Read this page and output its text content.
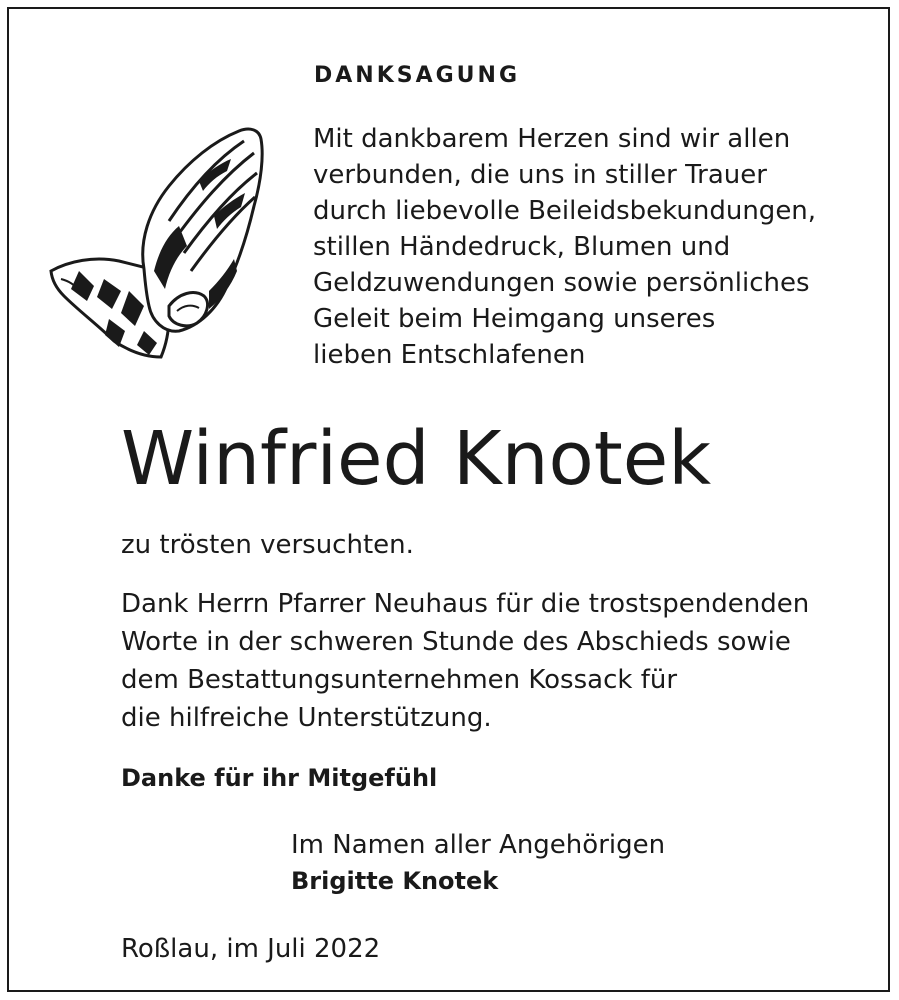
DANKSAGUNG

Mit dankbarem Herzen sind wir allen
verbunden, die uns in stiller Trauer
durch liebevolle Beileidsbekundungen,
stillen Händedruck, Blumen und
Geldzuwendungen sowie persönliches
Geleit beim Heimgang unseres
lieben Entschlafenen

Winfried Knotek

zu trösten versuchten.

Dank Herrn Pfarrer Neuhaus für die trostspendenden
Worte in der schweren Stunde des Abschieds sowie
dem Bestattungsunternehmen Kossack für
die hilfreiche Unterstützung.

Danke für ihr Mitgefühl

Im Namen aller Angehörigen

Brigitte Knotek

Roßlau, im Juli 2022
